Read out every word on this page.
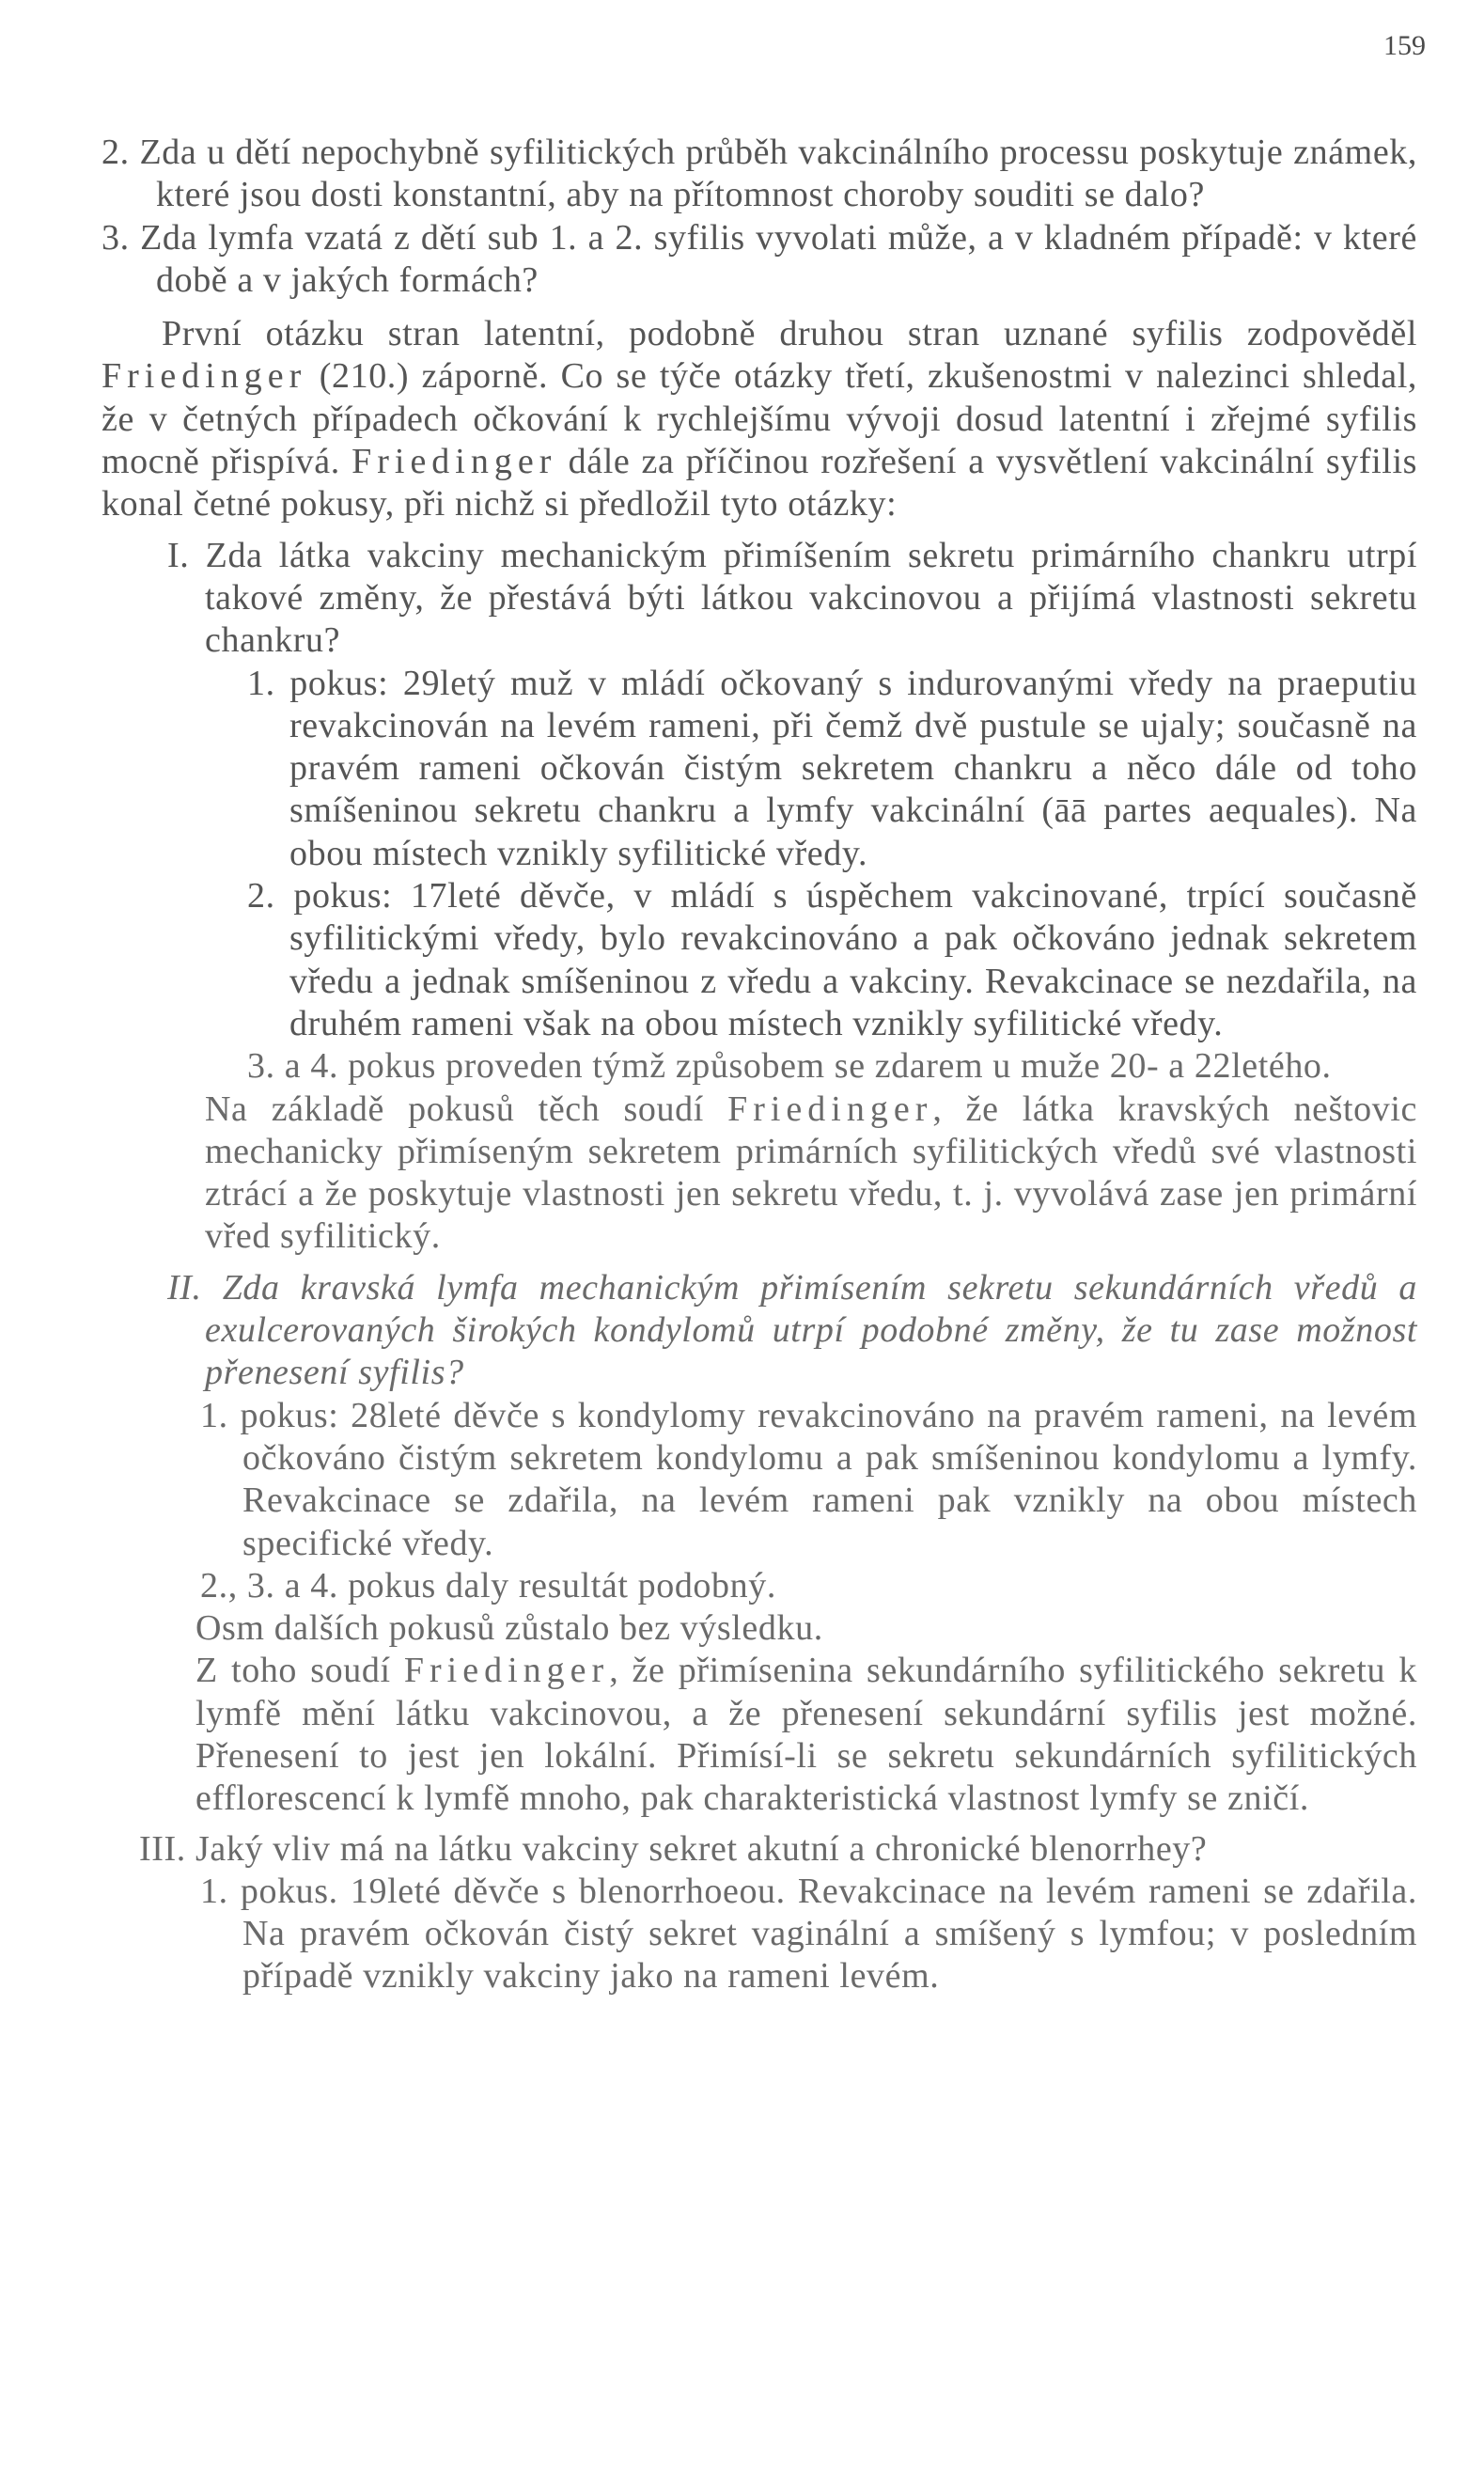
159

2. Zda u dětí nepochybně syfilitických průběh vakcinálního processu poskytuje známek, které jsou dosti konstantní, aby na přítomnost choroby souditi se dalo?

3. Zda lymfa vzatá z dětí sub 1. a 2. syfilis vyvolati může, a v kladném případě: v které době a v jakých formách?

První otázku stran latentní, podobně druhou stran uznané syfilis zodpověděl Friedinger (210.) záporně. Co se týče otázky třetí, zkušenostmi v nalezinci shledal, že v četných případech očkování k rychlejšímu vývoji dosud latentní i zřejmé syfilis mocně přispívá. Friedinger dále za příčinou rozřešení a vysvětlení vakcinální syfilis konal četné pokusy, při nichž si předložil tyto otázky:

I. Zda látka vakciny mechanickým přimíšením sekretu primárního chankru utrpí takové změny, že přestává býti látkou vakcinovou a přijímá vlastnosti sekretu chankru?

1. pokus: 29letý muž v mládí očkovaný s indurovanými vředy na praeputiu revakcinován na levém rameni, při čemž dvě pustule se ujaly; současně na pravém rameni očkován čistým sekretem chankru a něco dále od toho smíšeninou sekretu chankru a lymfy vakcinální (āā partes aequales). Na obou místech vznikly syfilitické vředy.

2. pokus: 17leté děvče, v mládí s úspěchem vakcinované, trpící současně syfilitickými vředy, bylo revakcinováno a pak očkováno jednak sekretem vředu a jednak smíšeninou z vředu a vakciny. Revakcinace se nezdařila, na druhém rameni však na obou místech vznikly syfilitické vředy.

3. a 4. pokus proveden týmž způsobem se zdarem u muže 20- a 22letého.

Na základě pokusů těch soudí Friedinger, že látka kravských neštovic mechanicky přimíseným sekretem primárních syfilitických vředů své vlastnosti ztrácí a že poskytuje vlastnosti jen sekretu vředu, t. j. vyvolává zase jen primární vřed syfilitický.

II. Zda kravská lymfa mechanickým přimísením sekretu sekundárních vředů a exulcerovaných širokých kondylomů utrpí podobné změny, že tu zase možnost přenesení syfilis?

1. pokus: 28leté děvče s kondylomy revakcinováno na pravém rameni, na levém očkováno čistým sekretem kondylomu a pak smíšeninou kondylomu a lymfy. Revakcinace se zdařila, na levém rameni pak vznikly na obou místech specifické vředy.

2., 3. a 4. pokus daly resultát podobný.

Osm dalších pokusů zůstalo bez výsledku.

Z toho soudí Friedinger, že přimísenina sekundárního syfilitického sekretu k lymfě mění látku vakcinovou, a že přenesení sekundární syfilis jest možné. Přenesení to jest jen lokální. Přimísí-li se sekretu sekundárních syfilitických efflorescencí k lymfě mnoho, pak charakteristická vlastnost lymfy se zničí.

III. Jaký vliv má na látku vakciny sekret akutní a chronické blenorrhey?

1. pokus. 19leté děvče s blenorrhoeou. Revakcinace na levém rameni se zdařila. Na pravém očkován čistý sekret vaginální a smíšený s lymfou; v posledním případě vznikly vakciny jako na rameni levém.
